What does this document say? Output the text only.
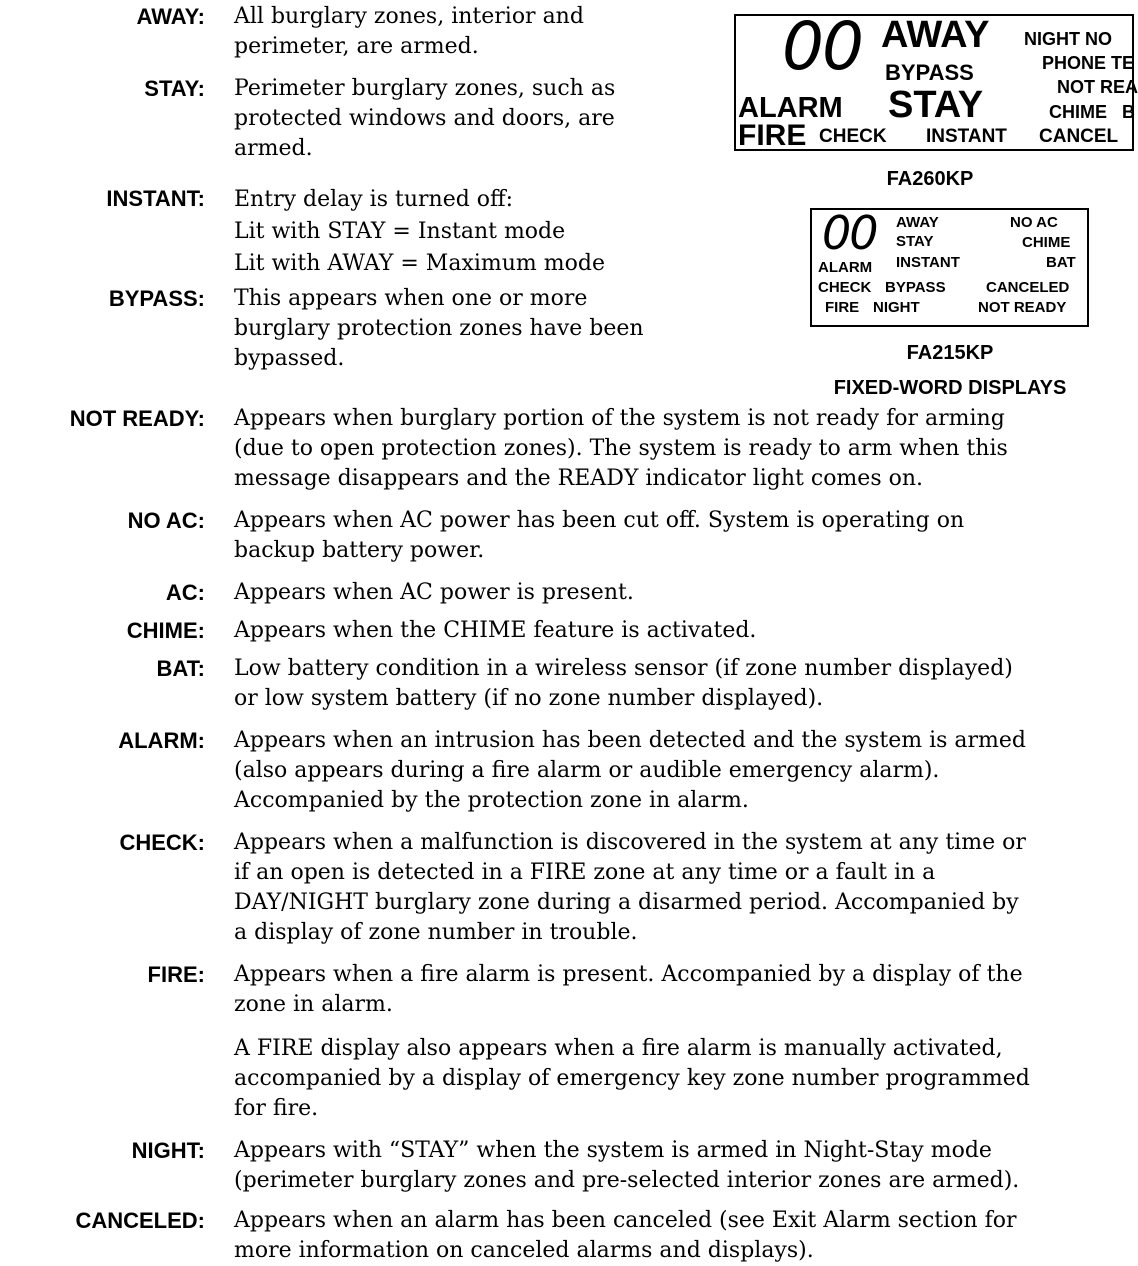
AWAY: All burglary zones, interior and
perimeter, are armed.
STAY: Perimeter burglary zones, such as
protected windows and doors, are
armed.
INSTANT: Entry delay is turned off:
Lit with STAY = Instant mode
Lit with AWAY = Maximum mode
BYPASS: This appears when one or more
burglary protection zones have been
bypassed.
00 AWAY
BYPASS
STAY
ALARM
FIRE CHECK INSTANT
NIGHT NO
PHONE TE
NOT REA
CHIME B
CANCEL
FA260KP
00 AWAY
STAY
INSTANT
ALARM
CHECK BYPASS
FIRE NIGHT
NO AC
CHIME
BAT
CANCELED
NOT READY
FA215KP
FIXED-WORD DISPLAYS
NOT READY: Appears when burglary portion of the system is not ready for arming
(due to open protection zones). The system is ready to arm when this
message disappears and the READY indicator light comes on.
NO AC: Appears when AC power has been cut off. System is operating on
backup battery power.
AC: Appears when AC power is present.
CHIME: Appears when the CHIME feature is activated.
BAT: Low battery condition in a wireless sensor (if zone number displayed)
or low system battery (if no zone number displayed).
ALARM: Appears when an intrusion has been detected and the system is armed
(also appears during a fire alarm or audible emergency alarm).
Accompanied by the protection zone in alarm.
CHECK: Appears when a malfunction is discovered in the system at any time or
if an open is detected in a FIRE zone at any time or a fault in a
DAY/NIGHT burglary zone during a disarmed period. Accompanied by
a display of zone number in trouble.
FIRE: Appears when a fire alarm is present. Accompanied by a display of the
zone in alarm.
A FIRE display also appears when a fire alarm is manually activated,
accompanied by a display of emergency key zone number programmed
for fire.
NIGHT: Appears with “STAY” when the system is armed in Night-Stay mode
(perimeter burglary zones and pre-selected interior zones are armed).
CANCELED: Appears when an alarm has been canceled (see Exit Alarm section for
more information on canceled alarms and displays).
